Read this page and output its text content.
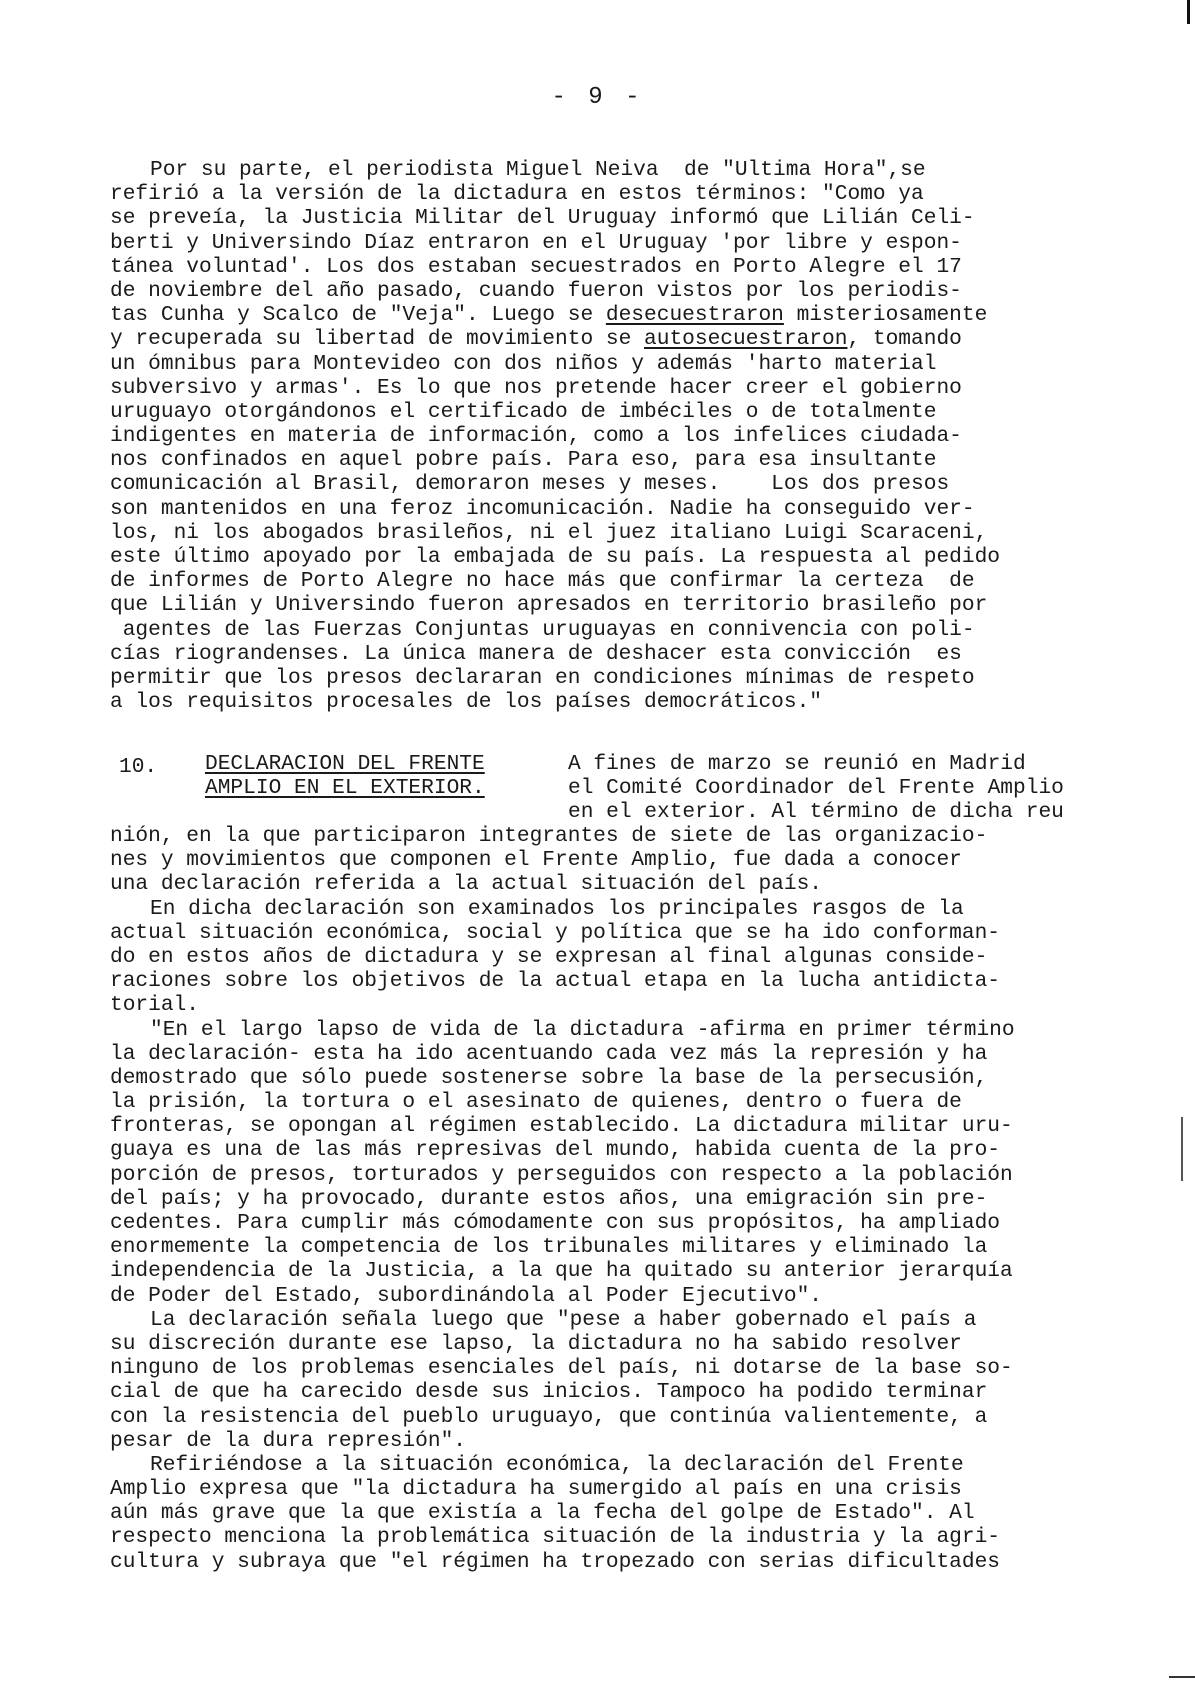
- 9 -
Por su parte, el periodista Miguel Neiva  de "Ultima Hora",se
refirió a la versión de la dictadura en estos términos: "Como ya
se preveía, la Justicia Militar del Uruguay informó que Lilián Celi-
berti y Universindo Díaz entraron en el Uruguay 'por libre y espon-
tánea voluntad'. Los dos estaban secuestrados en Porto Alegre el 17
de noviembre del año pasado, cuando fueron vistos por los periodis-
tas Cunha y Scalco de "Veja". Luego se desecuestraron misteriosamente
y recuperada su libertad de movimiento se autosecuestraron, tomando
un ómnibus para Montevideo con dos niños y además 'harto material
subversivo y armas'. Es lo que nos pretende hacer creer el gobierno
uruguayo otorgándonos el certificado de imbéciles o de totalmente
indigentes en materia de información, como a los infelices ciudada-
nos confinados en aquel pobre país. Para eso, para esa insultante
comunicación al Brasil, demoraron meses y meses.    Los dos presos
son mantenidos en una feroz incomunicación. Nadie ha conseguido ver-
los, ni los abogados brasileños, ni el juez italiano Luigi Scaraceni,
este último apoyado por la embajada de su país. La respuesta al pedido
de informes de Porto Alegre no hace más que confirmar la certeza  de
que Lilián y Universindo fueron apresados en territorio brasileño por
agentes de las Fuerzas Conjuntas uruguayas en connivencia con poli-
cías riograndenses. La única manera de deshacer esta convicción  es
permitir que los presos declararan en condiciones mínimas de respeto
a los requisitos procesales de los países democráticos."
10.	DECLARACION DEL FRENTE
AMPLIO EN EL EXTERIOR.
A fines de marzo se reunió en Madrid
el Comité Coordinador del Frente Amplio
en el exterior. Al término de dicha reu
nión, en la que participaron integrantes de siete de las organizacio-
nes y movimientos que componen el Frente Amplio, fue dada a conocer
una declaración referida a la actual situación del país.
En dicha declaración son examinados los principales rasgos de la
actual situación económica, social y política que se ha ido conforman-
do en estos años de dictadura y se expresan al final algunas conside-
raciones sobre los objetivos de la actual etapa en la lucha antidicta-
torial.
"En el largo lapso de vida de la dictadura -afirma en primer término
la declaración- esta ha ido acentuando cada vez más la represión y ha
demostrado que sólo puede sostenerse sobre la base de la persecusión,
la prisión, la tortura o el asesinato de quienes, dentro o fuera de
fronteras, se opongan al régimen establecido. La dictadura militar uru-
guaya es una de las más represivas del mundo, habida cuenta de la pro-
porción de presos, torturados y perseguidos con respecto a la población
del país; y ha provocado, durante estos años, una emigración sin pre-
cedentes. Para cumplir más cómodamente con sus propósitos, ha ampliado
enormemente la competencia de los tribunales militares y eliminado la
independencia de la Justicia, a la que ha quitado su anterior jerarquía
de Poder del Estado, subordinándola al Poder Ejecutivo".
La declaración señala luego que "pese a haber gobernado el país a
su discreción durante ese lapso, la dictadura no ha sabido resolver
ninguno de los problemas esenciales del país, ni dotarse de la base so-
cial de que ha carecido desde sus inicios. Tampoco ha podido terminar
con la resistencia del pueblo uruguayo, que continúa valientemente, a
pesar de la dura represión".
Refiriéndose a la situación económica, la declaración del Frente
Amplio expresa que "la dictadura ha sumergido al país en una crisis
aún más grave que la que existía a la fecha del golpe de Estado". Al
respecto menciona la problemática situación de la industria y la agri-
cultura y subraya que "el régimen ha tropezado con serias dificultades
